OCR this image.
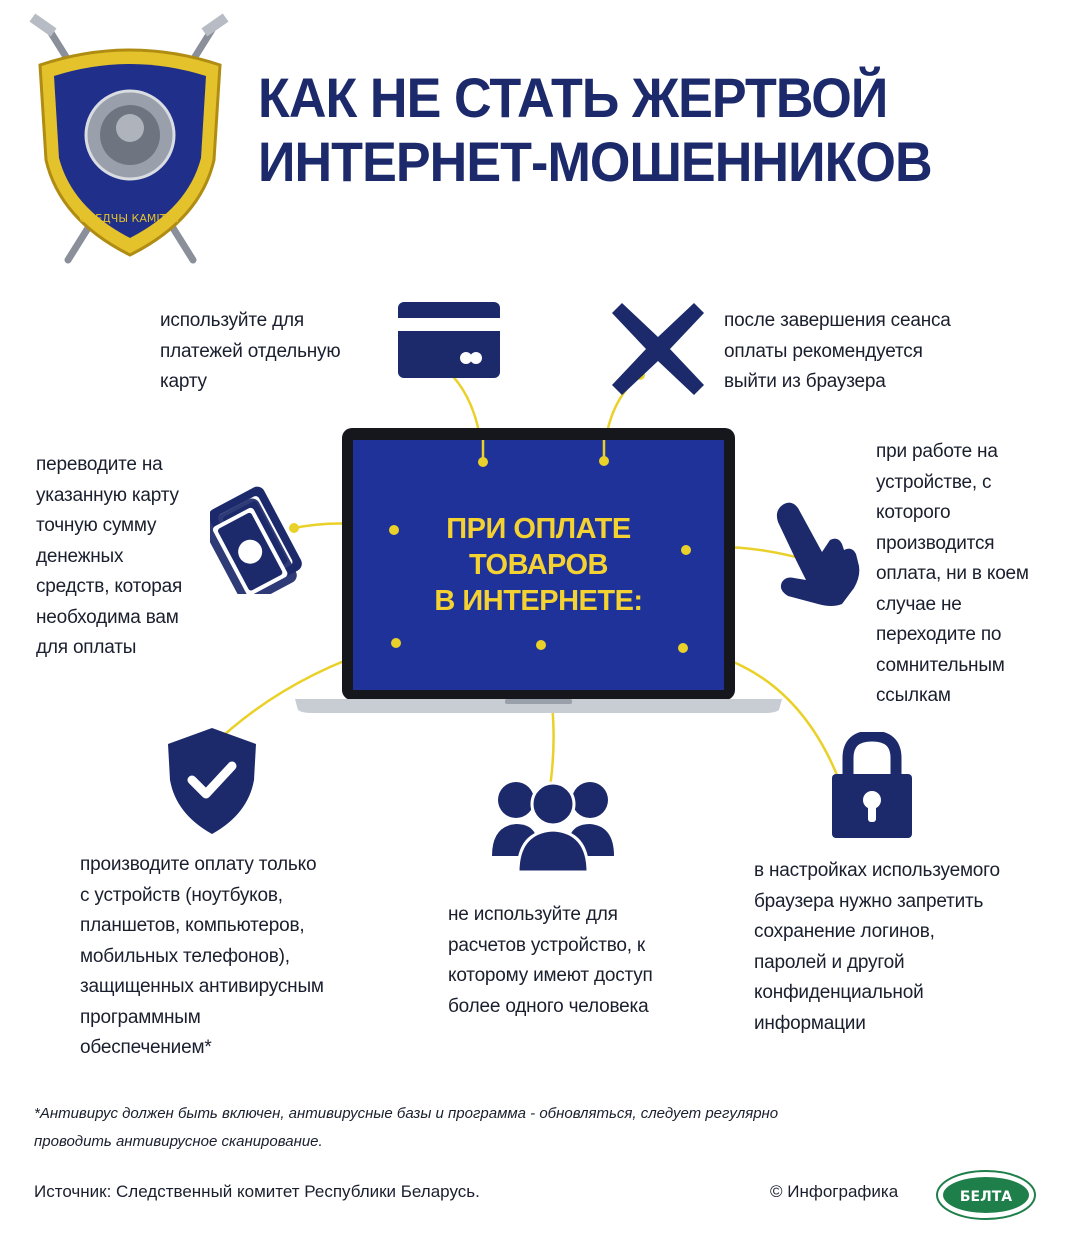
СЛЕДЧЫ КАМІТЭТ
КАК НЕ СТАТЬ ЖЕРТВОЙ
ИНТЕРНЕТ-МОШЕННИКОВ
ПРИ ОПЛАТЕ
ТОВАРОВ
В ИНТЕРНЕТЕ:
используйте для
платежей отдельную
карту
после завершения сеанса
оплаты рекомендуется
выйти из браузера
переводите на
указанную карту
точную сумму
денежных
средств, которая
необходима вам
для оплаты
при работе на
устройстве, с
которого
производится
оплата, ни в коем
случае не
переходите по
сомнительным
ссылкам
производите оплату только
с устройств (ноутбуков,
планшетов, компьютеров,
мобильных телефонов),
защищенных антивирусным
программным
обеспечением*
не используйте для
расчетов устройство, к
которому имеют доступ
более одного человека
в настройках используемого
браузера нужно запретить
сохранение логинов,
паролей и другой
конфиденциальной
информации
*Антивирус должен быть включен, антивирусные базы и программа - обновляться, следует регулярно
проводить антивирусное сканирование.
Источник: Следственный комитет Республики Беларусь.	© Инфографика	БЕЛТА
